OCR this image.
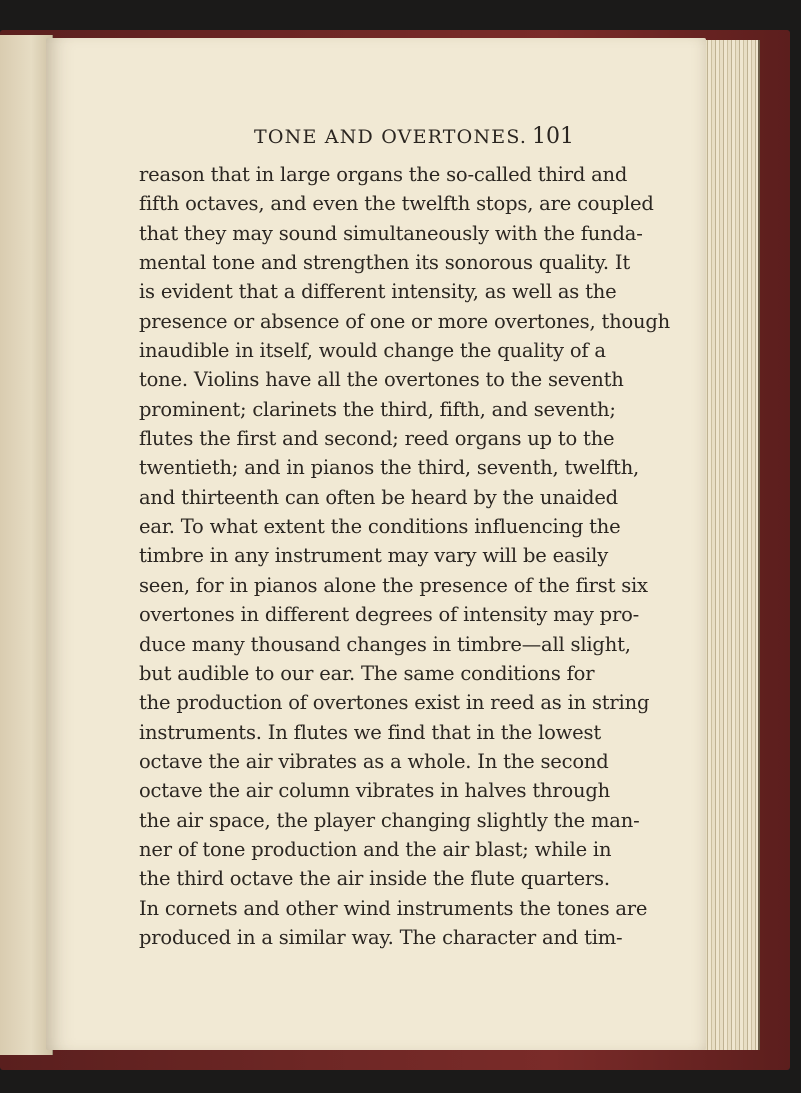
TONE AND OVERTONES. 101
reason that in large organs the so-called third and
fifth octaves, and even the twelfth stops, are coupled
that they may sound simultaneously with the funda-
mental tone and strengthen its sonorous quality. It
is evident that a different intensity, as well as the
presence or absence of one or more overtones, though
inaudible in itself, would change the quality of a
tone. Violins have all the overtones to the seventh
prominent; clarinets the third, fifth, and seventh;
flutes the first and second; reed organs up to the
twentieth; and in pianos the third, seventh, twelfth,
and thirteenth can often be heard by the unaided
ear. To what extent the conditions influencing the
timbre in any instrument may vary will be easily
seen, for in pianos alone the presence of the first six
overtones in different degrees of intensity may pro-
duce many thousand changes in timbre—all slight,
but audible to our ear. The same conditions for
the production of overtones exist in reed as in string
instruments. In flutes we find that in the lowest
octave the air vibrates as a whole. In the second
octave the air column vibrates in halves through
the air space, the player changing slightly the man-
ner of tone production and the air blast; while in
the third octave the air inside the flute quarters.
In cornets and other wind instruments the tones are
produced in a similar way. The character and tim-
